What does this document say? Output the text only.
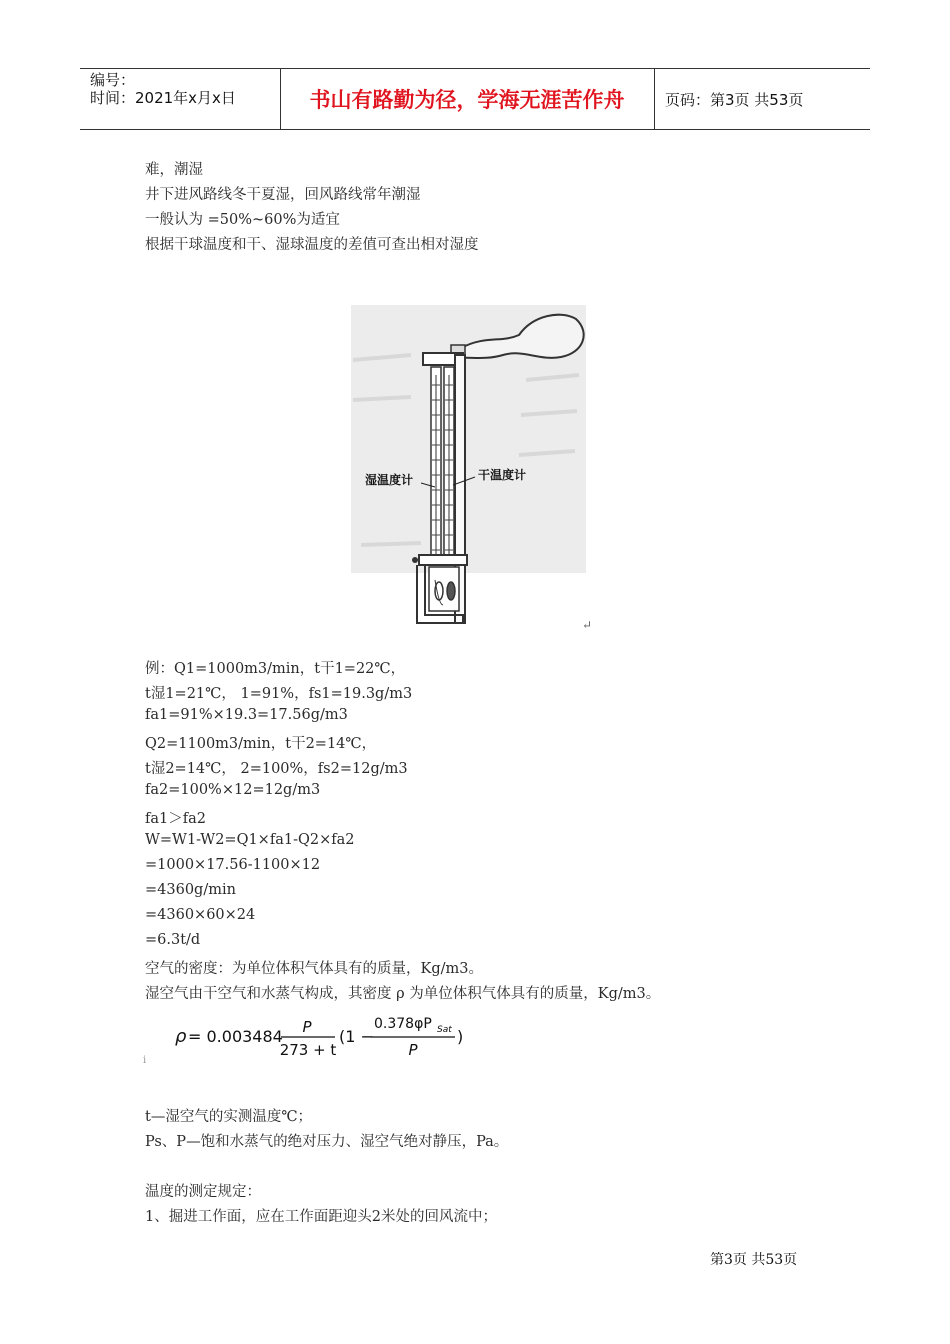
编号：
时间：2021年x月x日	书山有路勤为径，学海无涯苦作舟	页码：第3页 共53页
难，潮湿
井下进风路线冬干夏湿，回风路线常年潮湿
一般认为 =50%~60%为适宜
根据干球温度和干、湿球温度的差值可查出相对湿度
湿温度计	干温度计
↵
例：Q1=1000m3/min，t干1=22℃，
t湿1=21℃， 1=91%，fs1=19.3g/m3
fa1=91%×19.3=17.56g/m3
Q2=1100m3/min，t干2=14℃，
t湿2=14℃， 2=100%，fs2=12g/m3
fa2=100%×12=12g/m3
fa1＞fa2
W=W1-W2=Q1×fa1-Q2×fa2
=1000×17.56-1100×12
=4360g/min
=4360×60×24
=6.3t/d
空气的密度：为单位体积气体具有的质量，Kg/m3。
湿空气由干空气和水蒸气构成，其密度 ρ 为单位体积气体具有的质量，Kg/m3。
ρ = 0.003484 P
273 + t
(1 −
0.378φP Sat
P
)
ⅰ
t—湿空气的实测温度℃；
Ps、P—饱和水蒸气的绝对压力、湿空气绝对静压，Pa。
温度的测定规定：
1、掘进工作面，应在工作面距迎头2米处的回风流中；
第3页 共53页
